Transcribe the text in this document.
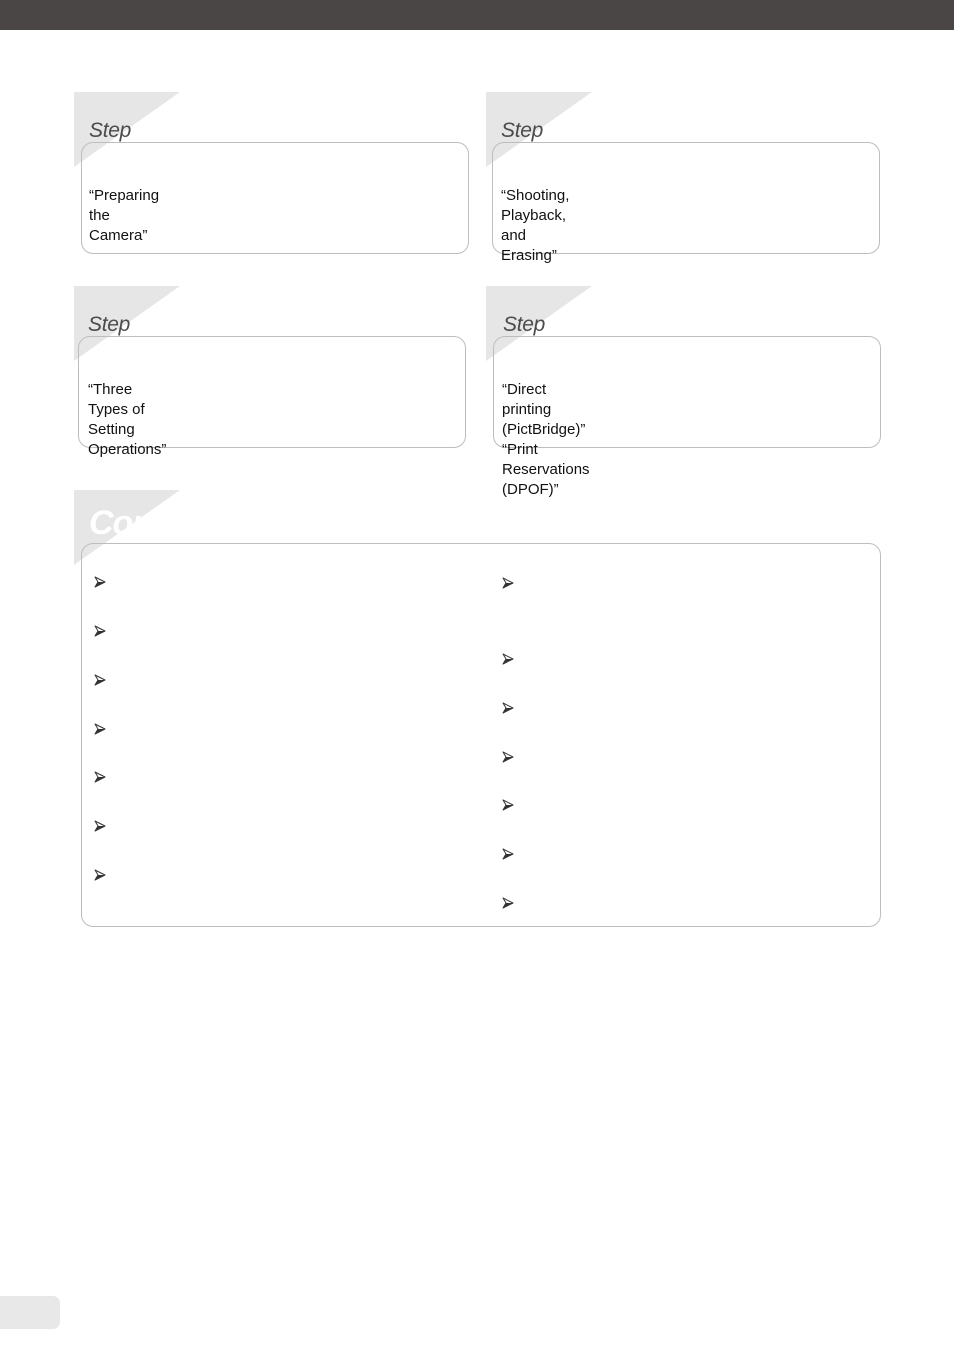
Step
“Preparing the Camera”
Step
“Shooting, Playback, and Erasing”
Step
“Three Types of Setting Operations”
Step
“Direct printing (PictBridge)”
“Print Reservations (DPOF)”
Contents
